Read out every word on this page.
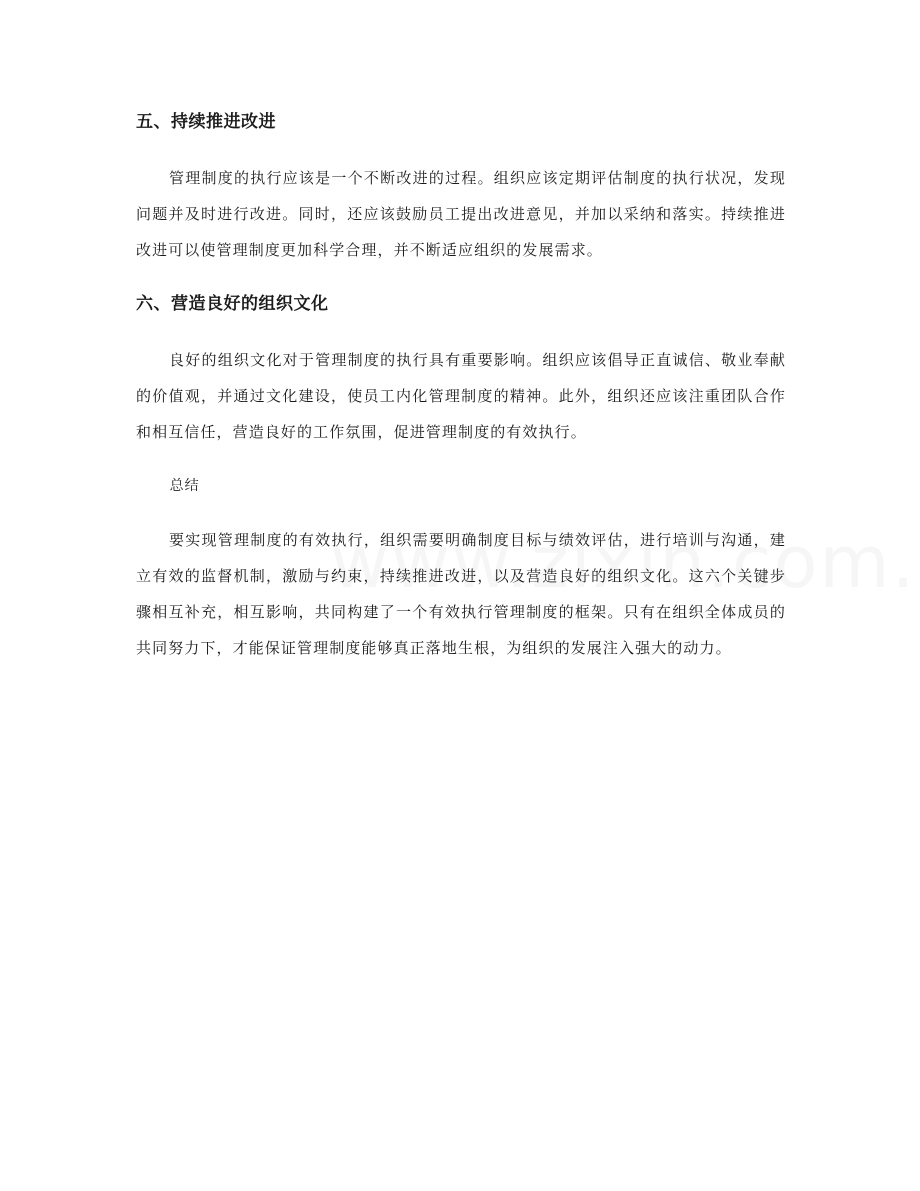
五、持续推进改进

管理制度的执行应该是一个不断改进的过程。组织应该定期评估制度的执行状况，发现问题并及时进行改进。同时，还应该鼓励员工提出改进意见，并加以采纳和落实。持续推进改进可以使管理制度更加科学合理，并不断适应组织的发展需求。

六、营造良好的组织文化

良好的组织文化对于管理制度的执行具有重要影响。组织应该倡导正直诚信、敬业奉献的价值观，并通过文化建设，使员工内化管理制度的精神。此外，组织还应该注重团队合作和相互信任，营造良好的工作氛围，促进管理制度的有效执行。

总结

要实现管理制度的有效执行，组织需要明确制度目标与绩效评估，进行培训与沟通，建立有效的监督机制，激励与约束，持续推进改进，以及营造良好的组织文化。这六个关键步骤相互补充，相互影响，共同构建了一个有效执行管理制度的框架。只有在组织全体成员的共同努力下，才能保证管理制度能够真正落地生根，为组织的发展注入强大的动力。
